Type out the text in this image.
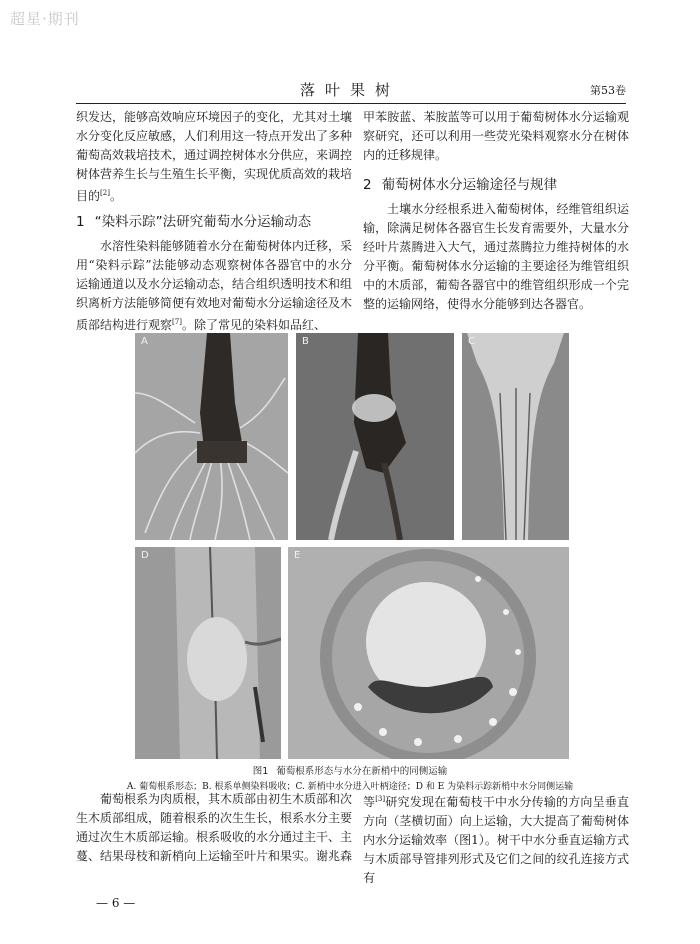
超星·期刊
落叶果树	第53卷

织发达，能够高效响应环境因子的变化，尤其对土壤水分变化反应敏感，人们利用这一特点开发出了多种葡萄高效栽培技术，通过调控树体水分供应，来调控树体营养生长与生殖生长平衡，实现优质高效的栽培目的[2]。

1 “染料示踪”法研究葡萄水分运输动态

水溶性染料能够随着水分在葡萄树体内迁移，采用“染料示踪”法能够动态观察树体各器官中的水分运输通道以及水分运输动态，结合组织透明技术和组织离析方法能够简便有效地对葡萄水分运输途径及木质部结构进行观察[7]。除了常见的染料如品红、

甲苯胺蓝、苯胺蓝等可以用于葡萄树体水分运输观察研究，还可以利用一些荧光染料观察水分在树体内的迁移规律。

2 葡萄树体水分运输途径与规律

土壤水分经根系进入葡萄树体，经维管组织运输，除满足树体各器官生长发育需要外，大量水分经叶片蒸腾进入大气，通过蒸腾拉力维持树体的水分平衡。葡萄树体水分运输的主要途径为维管组织中的木质部，葡萄各器官中的维管组织形成一个完整的运输网络，使得水分能够到达各器官。

A	B	C
D	E
图1 葡萄根系形态与水分在新梢中的同侧运输
A. 葡萄根系形态；B. 根系单侧染料吸收；C. 新梢中水分进入叶柄途径；D 和 E 为染料示踪新梢中水分同侧运输

葡萄根系为肉质根，其木质部由初生木质部和次生木质部组成，随着根系的次生生长，根系水分主要通过次生木质部运输。根系吸收的水分通过主干、主蔓、结果母枝和新梢向上运输至叶片和果实。谢兆森

等[3]研究发现在葡萄枝干中水分传输的方向呈垂直方向（茎横切面）向上运输，大大提高了葡萄树体内水分运输效率（图1）。树干中水分垂直运输方式与木质部导管排列形式及它们之间的纹孔连接方式有

— 6 —
